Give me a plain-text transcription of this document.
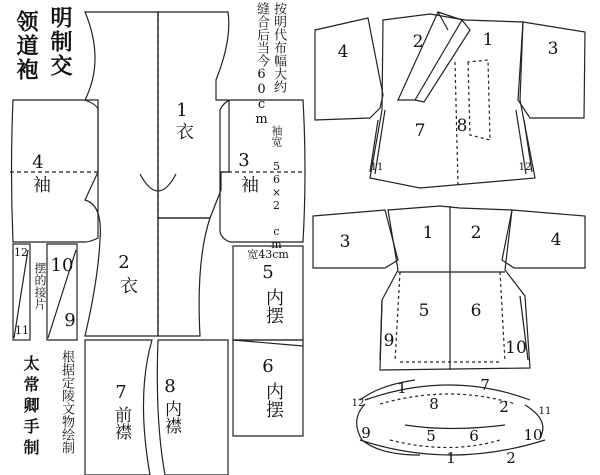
明制交
领道袍	按明代布幅大约
缝合后当今60cm
袖宽 56×2 cm
摆的接片
根据定陵文物绘制
太常卿手制
内摆
内摆
前襟 内襟
1
衣
2
衣
4
袖
3
袖
10
9
5
6
7 8
12
11
宽43cm
4	2	1	3
7 8
11	12
3	1 2	4
5 6
9	10
1	7
8	2
9	5 6	10
1	2
12
11
